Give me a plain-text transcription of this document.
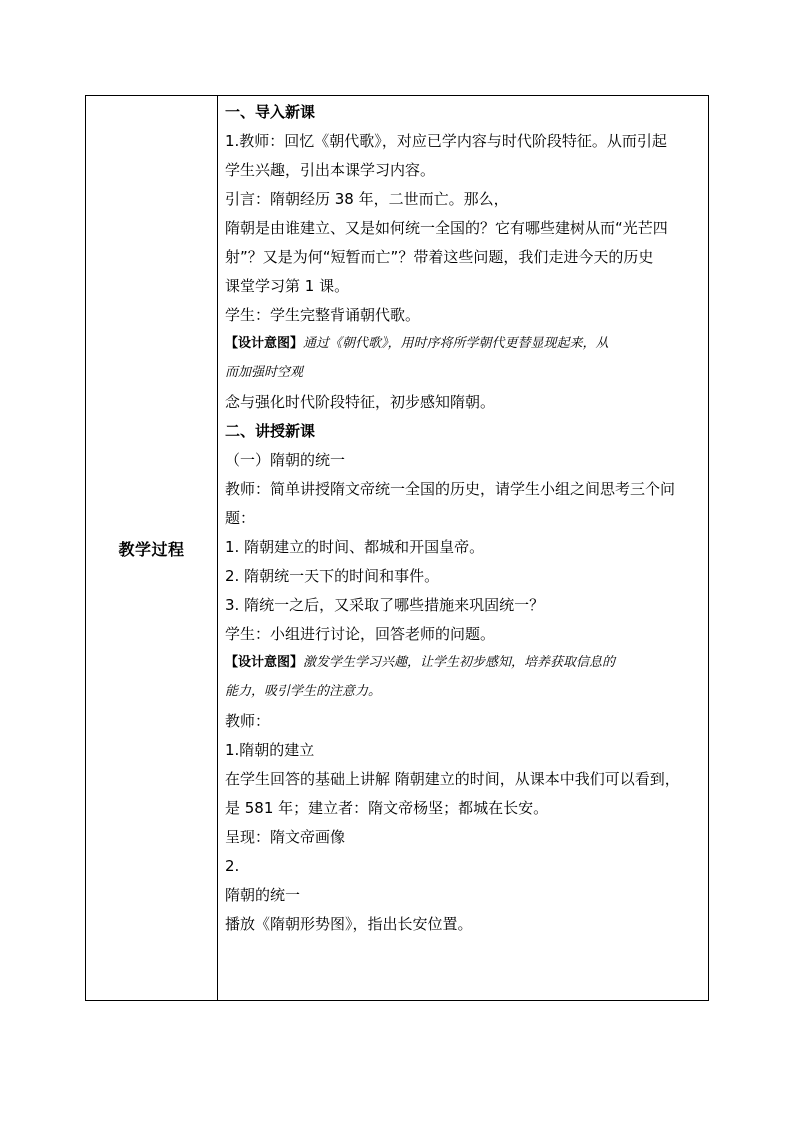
教学过程
一、导入新课
1.教师：回忆《朝代歌》，对应已学内容与时代阶段特征。从而引起
学生兴趣，引出本课学习内容。
引言：隋朝经历 38 年，二世而亡。那么，
隋朝是由谁建立、又是如何统一全国的？它有哪些建树从而“光芒四
射”？又是为何“短暂而亡”？带着这些问题，我们走进今天的历史
课堂学习第 1 课。
学生：学生完整背诵朝代歌。
【设计意图】通过《朝代歌》，用时序将所学朝代更替显现起来，从
而加强时空观
念与强化时代阶段特征，初步感知隋朝。
二、讲授新课
（一）隋朝的统一
教师：简单讲授隋文帝统一全国的历史，请学生小组之间思考三个问
题：
1. 隋朝建立的时间、都城和开国皇帝。
2. 隋朝统一天下的时间和事件。
3. 隋统一之后，又采取了哪些措施来巩固统一？
学生：小组进行讨论，回答老师的问题。
【设计意图】激发学生学习兴趣，让学生初步感知，培养获取信息的
能力，吸引学生的注意力。
教师：
1.隋朝的建立
在学生回答的基础上讲解 隋朝建立的时间，从课本中我们可以看到，
是 581 年；建立者：隋文帝杨坚；都城在长安。
呈现：隋文帝画像
2.
隋朝的统一
播放《隋朝形势图》，指出长安位置。
